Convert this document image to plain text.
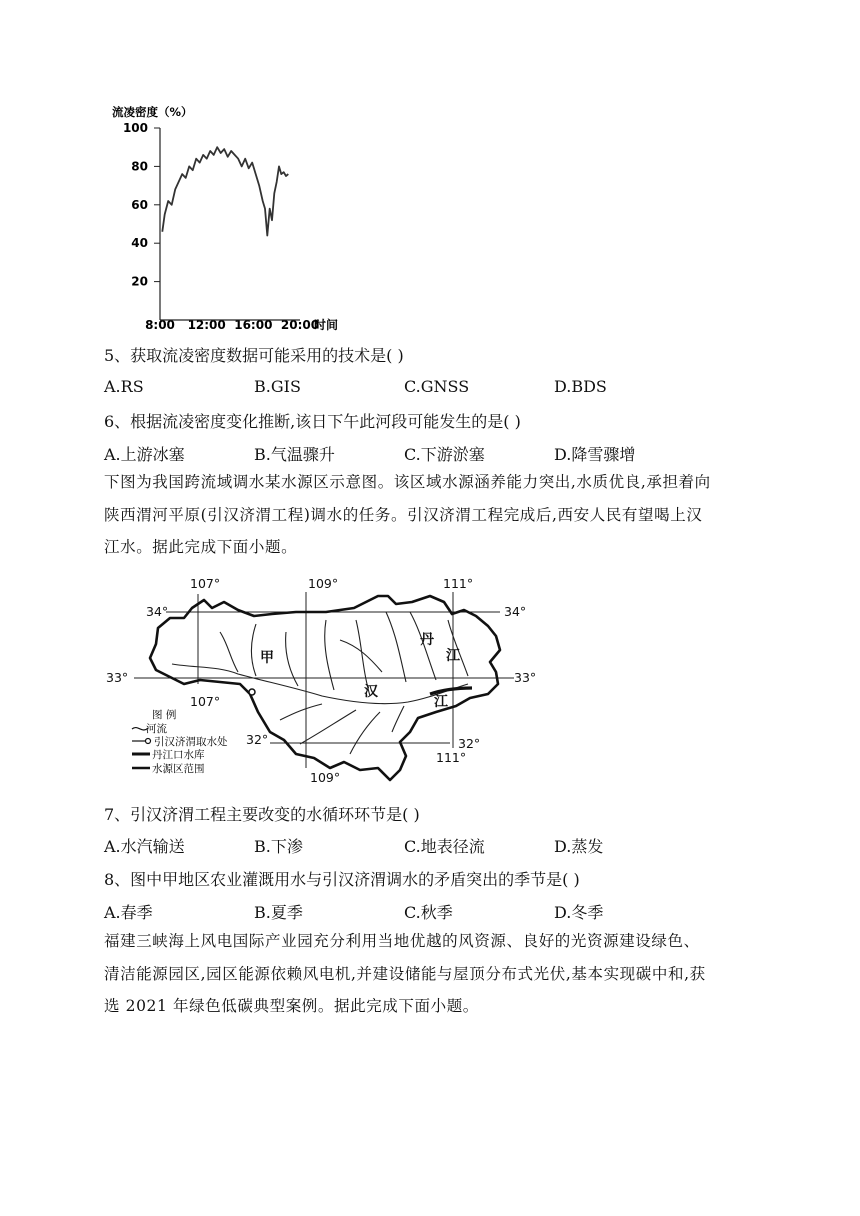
流凌密度（%）
100
80
60
40
20
8:00 12:00 16:00 20:00
时间
5、获取流凌密度数据可能采用的技术是( )
A.RS	B.GIS	C.GNSS	D.BDS
6、根据流凌密度变化推断,该日下午此河段可能发生的是( )
A.上游冰塞	B.气温骤升	C.下游淤塞	D.降雪骤增
下图为我国跨流域调水某水源区示意图。该区域水源涵养能力突出,水质优良,承担着向
陕西渭河平原(引汉济渭工程)调水的任务。引汉济渭工程完成后,西安人民有望喝上汉
江水。据此完成下面小题。
107°	109°	111°
34°	34°
33°	33°
107°
32°	32°
111°
109°
甲
汉
江
丹
江
图 例
河流
引汉济渭取水处
丹江口水库
水源区范围
7、引汉济渭工程主要改变的水循环环节是( )
A.水汽输送	B.下渗	C.地表径流	D.蒸发
8、图中甲地区农业灌溉用水与引汉济渭调水的矛盾突出的季节是( )
A.春季	B.夏季	C.秋季	D.冬季
福建三峡海上风电国际产业园充分利用当地优越的风资源、良好的光资源建设绿色、
清洁能源园区,园区能源依赖风电机,并建设储能与屋顶分布式光伏,基本实现碳中和,获
选 2021 年绿色低碳典型案例。据此完成下面小题。
